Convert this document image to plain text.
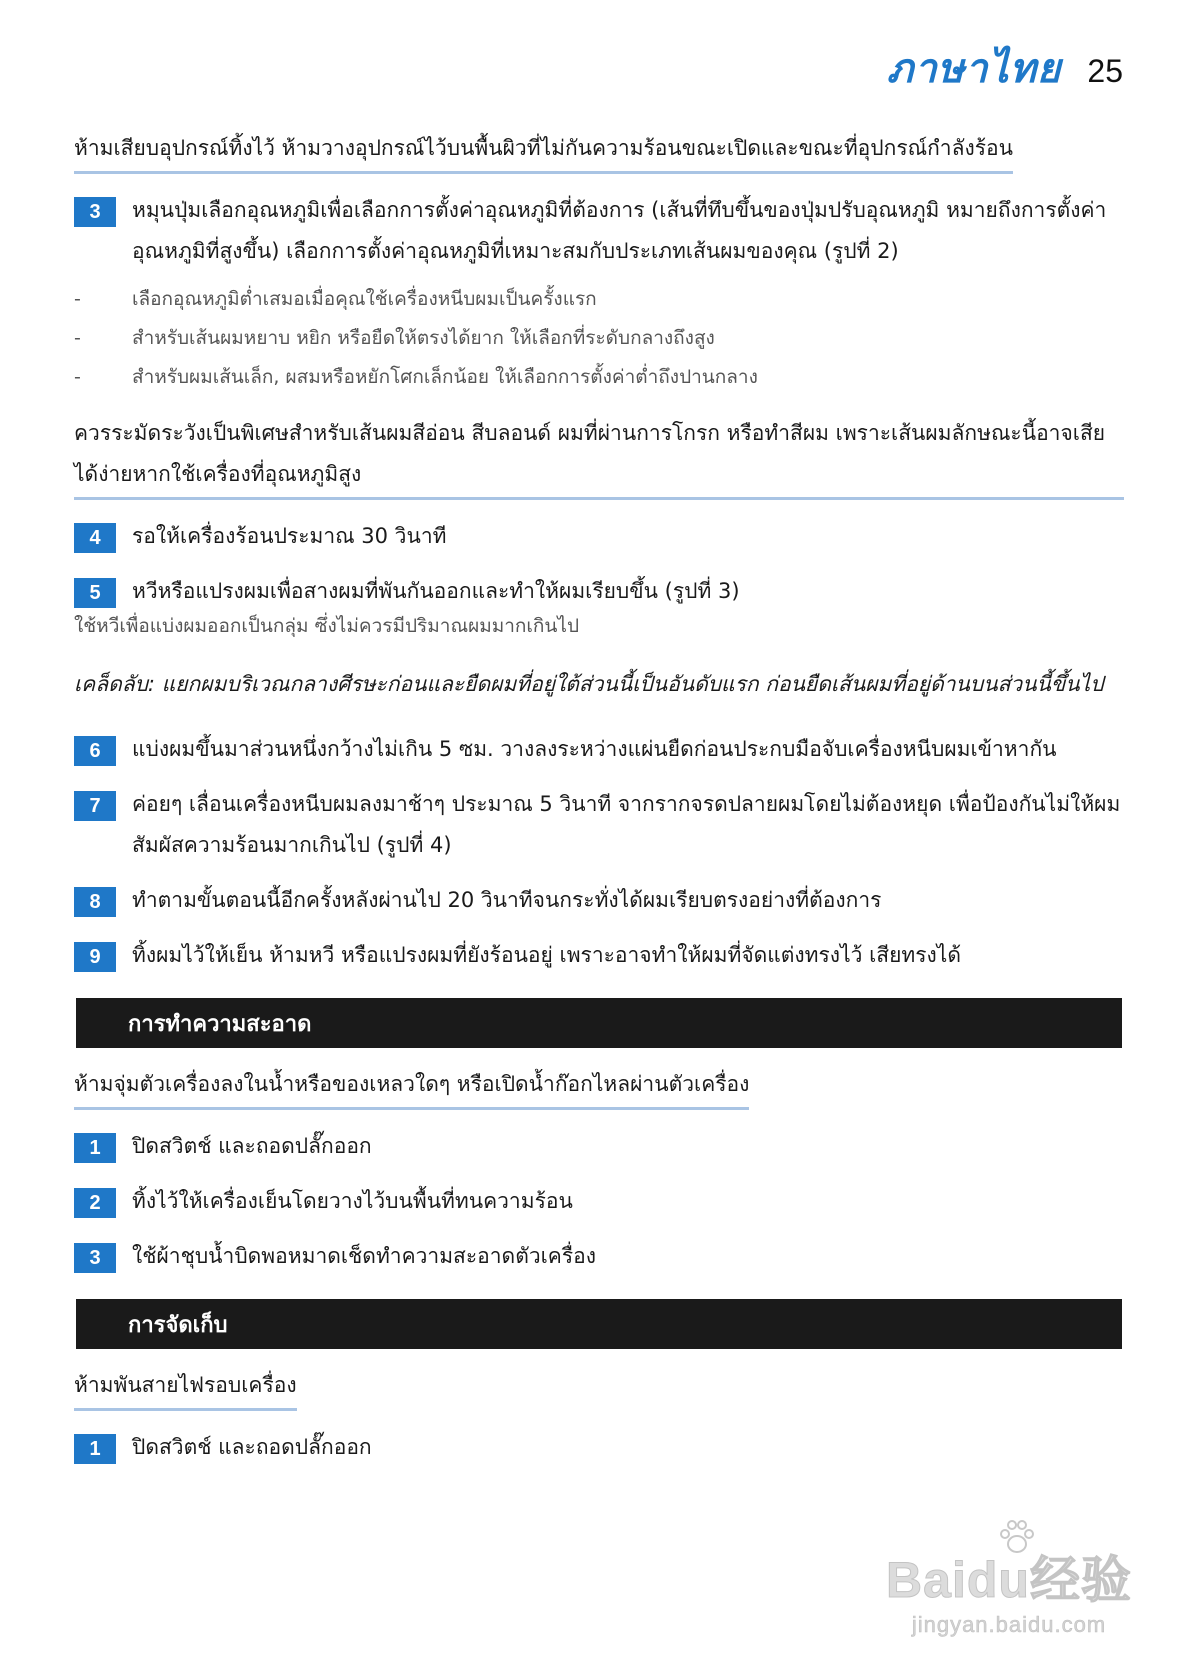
ภาษาไทย 25
ห้ามเสียบอุปกรณ์ทิ้งไว้ ห้ามวางอุปกรณ์ไว้บนพื้นผิวที่ไม่กันความร้อนขณะเปิดและขณะที่อุปกรณ์กำลังร้อน
3	หมุนปุ่มเลือกอุณหภูมิเพื่อเลือกการตั้งค่าอุณหภูมิที่ต้องการ (เส้นที่ทึบขึ้นของปุ่มปรับอุณหภูมิ หมายถึงการตั้งค่าอุณหภูมิที่สูงขึ้น) เลือกการตั้งค่าอุณหภูมิที่เหมาะสมกับประเภทเส้นผมของคุณ (รูปที่ 2)
-	เลือกอุณหภูมิต่ำเสมอเมื่อคุณใช้เครื่องหนีบผมเป็นครั้งแรก
-	สำหรับเส้นผมหยาบ หยิก หรือยืดให้ตรงได้ยาก ให้เลือกที่ระดับกลางถึงสูง
-	สำหรับผมเส้นเล็ก, ผสมหรือหยักโศกเล็กน้อย ให้เลือกการตั้งค่าต่ำถึงปานกลาง
ควรระมัดระวังเป็นพิเศษสำหรับเส้นผมสีอ่อน สีบลอนด์ ผมที่ผ่านการโกรก หรือทำสีผม เพราะเส้นผมลักษณะนี้อาจเสียได้ง่ายหากใช้เครื่องที่อุณหภูมิสูง
4	รอให้เครื่องร้อนประมาณ 30 วินาที
5	หวีหรือแปรงผมเพื่อสางผมที่พันกันออกและทำให้ผมเรียบขึ้น (รูปที่ 3)
ใช้หวีเพื่อแบ่งผมออกเป็นกลุ่ม ซึ่งไม่ควรมีปริมาณผมมากเกินไป
เคล็ดลับ: แยกผมบริเวณกลางศีรษะก่อนและยืดผมที่อยู่ใต้ส่วนนี้เป็นอันดับแรก ก่อนยืดเส้นผมที่อยู่ด้านบนส่วนนี้ขึ้นไป
6	แบ่งผมขึ้นมาส่วนหนึ่งกว้างไม่เกิน 5 ซม. วางลงระหว่างแผ่นยืดก่อนประกบมือจับเครื่องหนีบผมเข้าหากัน
7	ค่อยๆ เลื่อนเครื่องหนีบผมลงมาช้าๆ ประมาณ 5 วินาที จากรากจรดปลายผมโดยไม่ต้องหยุด เพื่อป้องกันไม่ให้ผมสัมผัสความร้อนมากเกินไป (รูปที่ 4)
8	ทำตามขั้นตอนนี้อีกครั้งหลังผ่านไป 20 วินาทีจนกระทั่งได้ผมเรียบตรงอย่างที่ต้องการ
9	ทิ้งผมไว้ให้เย็น ห้ามหวี หรือแปรงผมที่ยังร้อนอยู่ เพราะอาจทำให้ผมที่จัดแต่งทรงไว้ เสียทรงได้
การทำความสะอาด
ห้ามจุ่มตัวเครื่องลงในน้ำหรือของเหลวใดๆ หรือเปิดน้ำก๊อกไหลผ่านตัวเครื่อง
1	ปิดสวิตช์ และถอดปลั๊กออก
2	ทิ้งไว้ให้เครื่องเย็นโดยวางไว้บนพื้นที่ทนความร้อน
3	ใช้ผ้าชุบน้ำบิดพอหมาดเช็ดทำความสะอาดตัวเครื่อง
การจัดเก็บ
ห้ามพันสายไฟรอบเครื่อง
1	ปิดสวิตช์ และถอดปลั๊กออก
Baidu经验
jingyan.baidu.com
